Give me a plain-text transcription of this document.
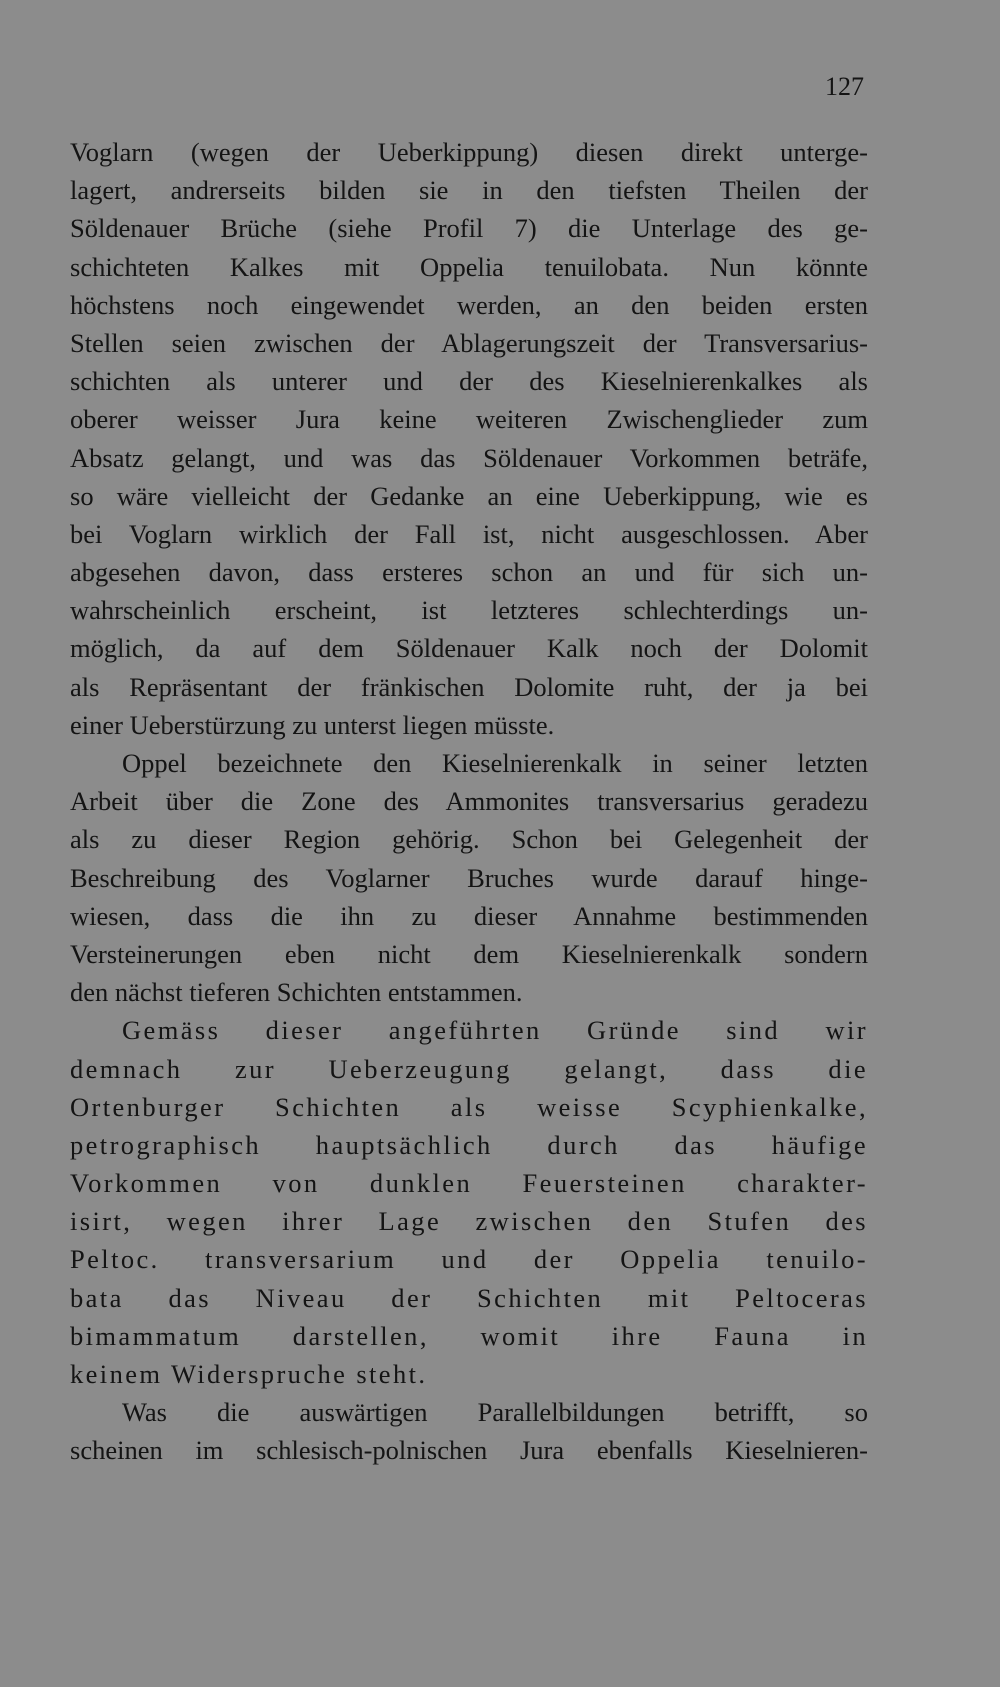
127
Voglarn (wegen der Ueberkippung) diesen direkt unterge-
lagert, andrerseits bilden sie in den tiefsten Theilen der
Söldenauer Brüche (siehe Profil 7) die Unterlage des ge-
schichteten Kalkes mit Oppelia tenuilobata. Nun könnte
höchstens noch eingewendet werden, an den beiden ersten
Stellen seien zwischen der Ablagerungszeit der Transversarius-
schichten als unterer und der des Kieselnierenkalkes als
oberer weisser Jura keine weiteren Zwischenglieder zum
Absatz gelangt, und was das Söldenauer Vorkommen beträfe,
so wäre vielleicht der Gedanke an eine Ueberkippung, wie es
bei Voglarn wirklich der Fall ist, nicht ausgeschlossen. Aber
abgesehen davon, dass ersteres schon an und für sich un-
wahrscheinlich erscheint, ist letzteres schlechterdings un-
möglich, da auf dem Söldenauer Kalk noch der Dolomit
als Repräsentant der fränkischen Dolomite ruht, der ja bei
einer Ueberstürzung zu unterst liegen müsste.
Oppel bezeichnete den Kieselnierenkalk in seiner letzten
Arbeit über die Zone des Ammonites transversarius geradezu
als zu dieser Region gehörig. Schon bei Gelegenheit der
Beschreibung des Voglarner Bruches wurde darauf hinge-
wiesen, dass die ihn zu dieser Annahme bestimmenden
Versteinerungen eben nicht dem Kieselnierenkalk sondern
den nächst tieferen Schichten entstammen.
Gemäss dieser angeführten Gründe sind wir
demnach zur Ueberzeugung gelangt, dass die
Ortenburger Schichten als weisse Scyphienkalke,
petrographisch hauptsächlich durch das häufige
Vorkommen von dunklen Feuersteinen charakter-
isirt, wegen ihrer Lage zwischen den Stufen des
Peltoc. transversarium und der Oppelia tenuilo-
bata das Niveau der Schichten mit Peltoceras
bimammatum darstellen, womit ihre Fauna in
keinem Widerspruche steht.
Was die auswärtigen Parallelbildungen betrifft, so
scheinen im schlesisch-polnischen Jura ebenfalls Kieselnieren-
